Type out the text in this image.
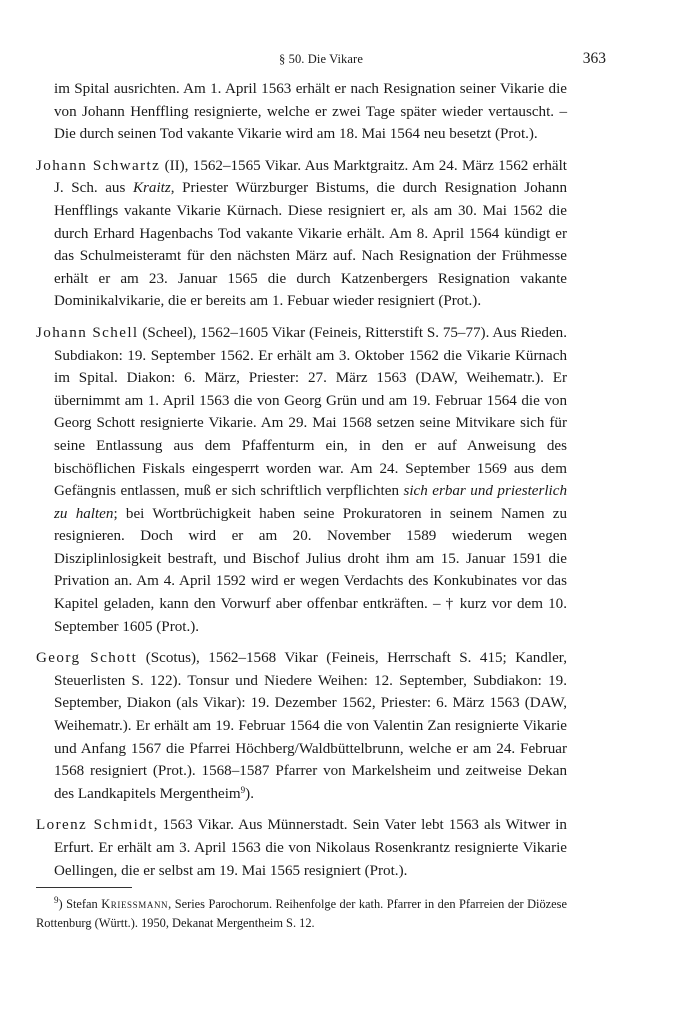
§ 50. Die Vikare	363

im Spital ausrichten. Am 1. April 1563 erhält er nach Resignation seiner Vikarie die von Johann Henffling resignierte, welche er zwei Tage später wieder vertauscht. – Die durch seinen Tod vakante Vikarie wird am 18. Mai 1564 neu besetzt (Prot.).

Johann Schwartz (II), 1562–1565 Vikar. Aus Marktgraitz. Am 24. März 1562 erhält J. Sch. aus Kraitz, Priester Würzburger Bistums, die durch Resignation Johann Henfflings vakante Vikarie Kürnach. Diese resigniert er, als am 30. Mai 1562 die durch Erhard Hagenbachs Tod vakante Vikarie erhält. Am 8. April 1564 kündigt er das Schulmeisteramt für den nächsten März auf. Nach Resignation der Frühmesse erhält er am 23. Januar 1565 die durch Katzenbergers Resignation vakante Dominikalvikarie, die er bereits am 1. Febuar wieder resigniert (Prot.).

Johann Schell (Scheel), 1562–1605 Vikar (Feineis, Ritterstift S. 75–77). Aus Rieden. Subdiakon: 19. September 1562. Er erhält am 3. Oktober 1562 die Vikarie Kürnach im Spital. Diakon: 6. März, Priester: 27. März 1563 (DAW, Weihematr.). Er übernimmt am 1. April 1563 die von Georg Grün und am 19. Februar 1564 die von Georg Schott resignierte Vikarie. Am 29. Mai 1568 setzen seine Mitvikare sich für seine Entlassung aus dem Pfaffenturm ein, in den er auf Anweisung des bischöflichen Fiskals eingesperrt worden war. Am 24. September 1569 aus dem Gefängnis entlassen, muß er sich schriftlich verpflichten sich erbar und priesterlich zu halten; bei Wortbrüchigkeit haben seine Prokuratoren in seinem Namen zu resignieren. Doch wird er am 20. November 1589 wiederum wegen Disziplinlosigkeit bestraft, und Bischof Julius droht ihm am 15. Januar 1591 die Privation an. Am 4. April 1592 wird er wegen Verdachts des Konkubinates vor das Kapitel geladen, kann den Vorwurf aber offenbar entkräften. – † kurz vor dem 10. September 1605 (Prot.).

Georg Schott (Scotus), 1562–1568 Vikar (Feineis, Herrschaft S. 415; Kandler, Steuerlisten S. 122). Tonsur und Niedere Weihen: 12. September, Subdiakon: 19. September, Diakon (als Vikar): 19. Dezember 1562, Priester: 6. März 1563 (DAW, Weihematr.). Er erhält am 19. Februar 1564 die von Valentin Zan resignierte Vikarie und Anfang 1567 die Pfarrei Höchberg/Waldbüttelbrunn, welche er am 24. Februar 1568 resigniert (Prot.). 1568–1587 Pfarrer von Markelsheim und zeitweise Dekan des Landkapitels Mergentheim$^9$).

Lorenz Schmidt, 1563 Vikar. Aus Münnerstadt. Sein Vater lebt 1563 als Witwer in Erfurt. Er erhält am 3. April 1563 die von Nikolaus Rosenkrantz resignierte Vikarie Oellingen, die er selbst am 19. Mai 1565 resigniert (Prot.).

$^9$) Stefan Kriessmann, Series Parochorum. Reihenfolge der kath. Pfarrer in den Pfarreien der Diözese Rottenburg (Württ.). 1950, Dekanat Mergentheim S. 12.
